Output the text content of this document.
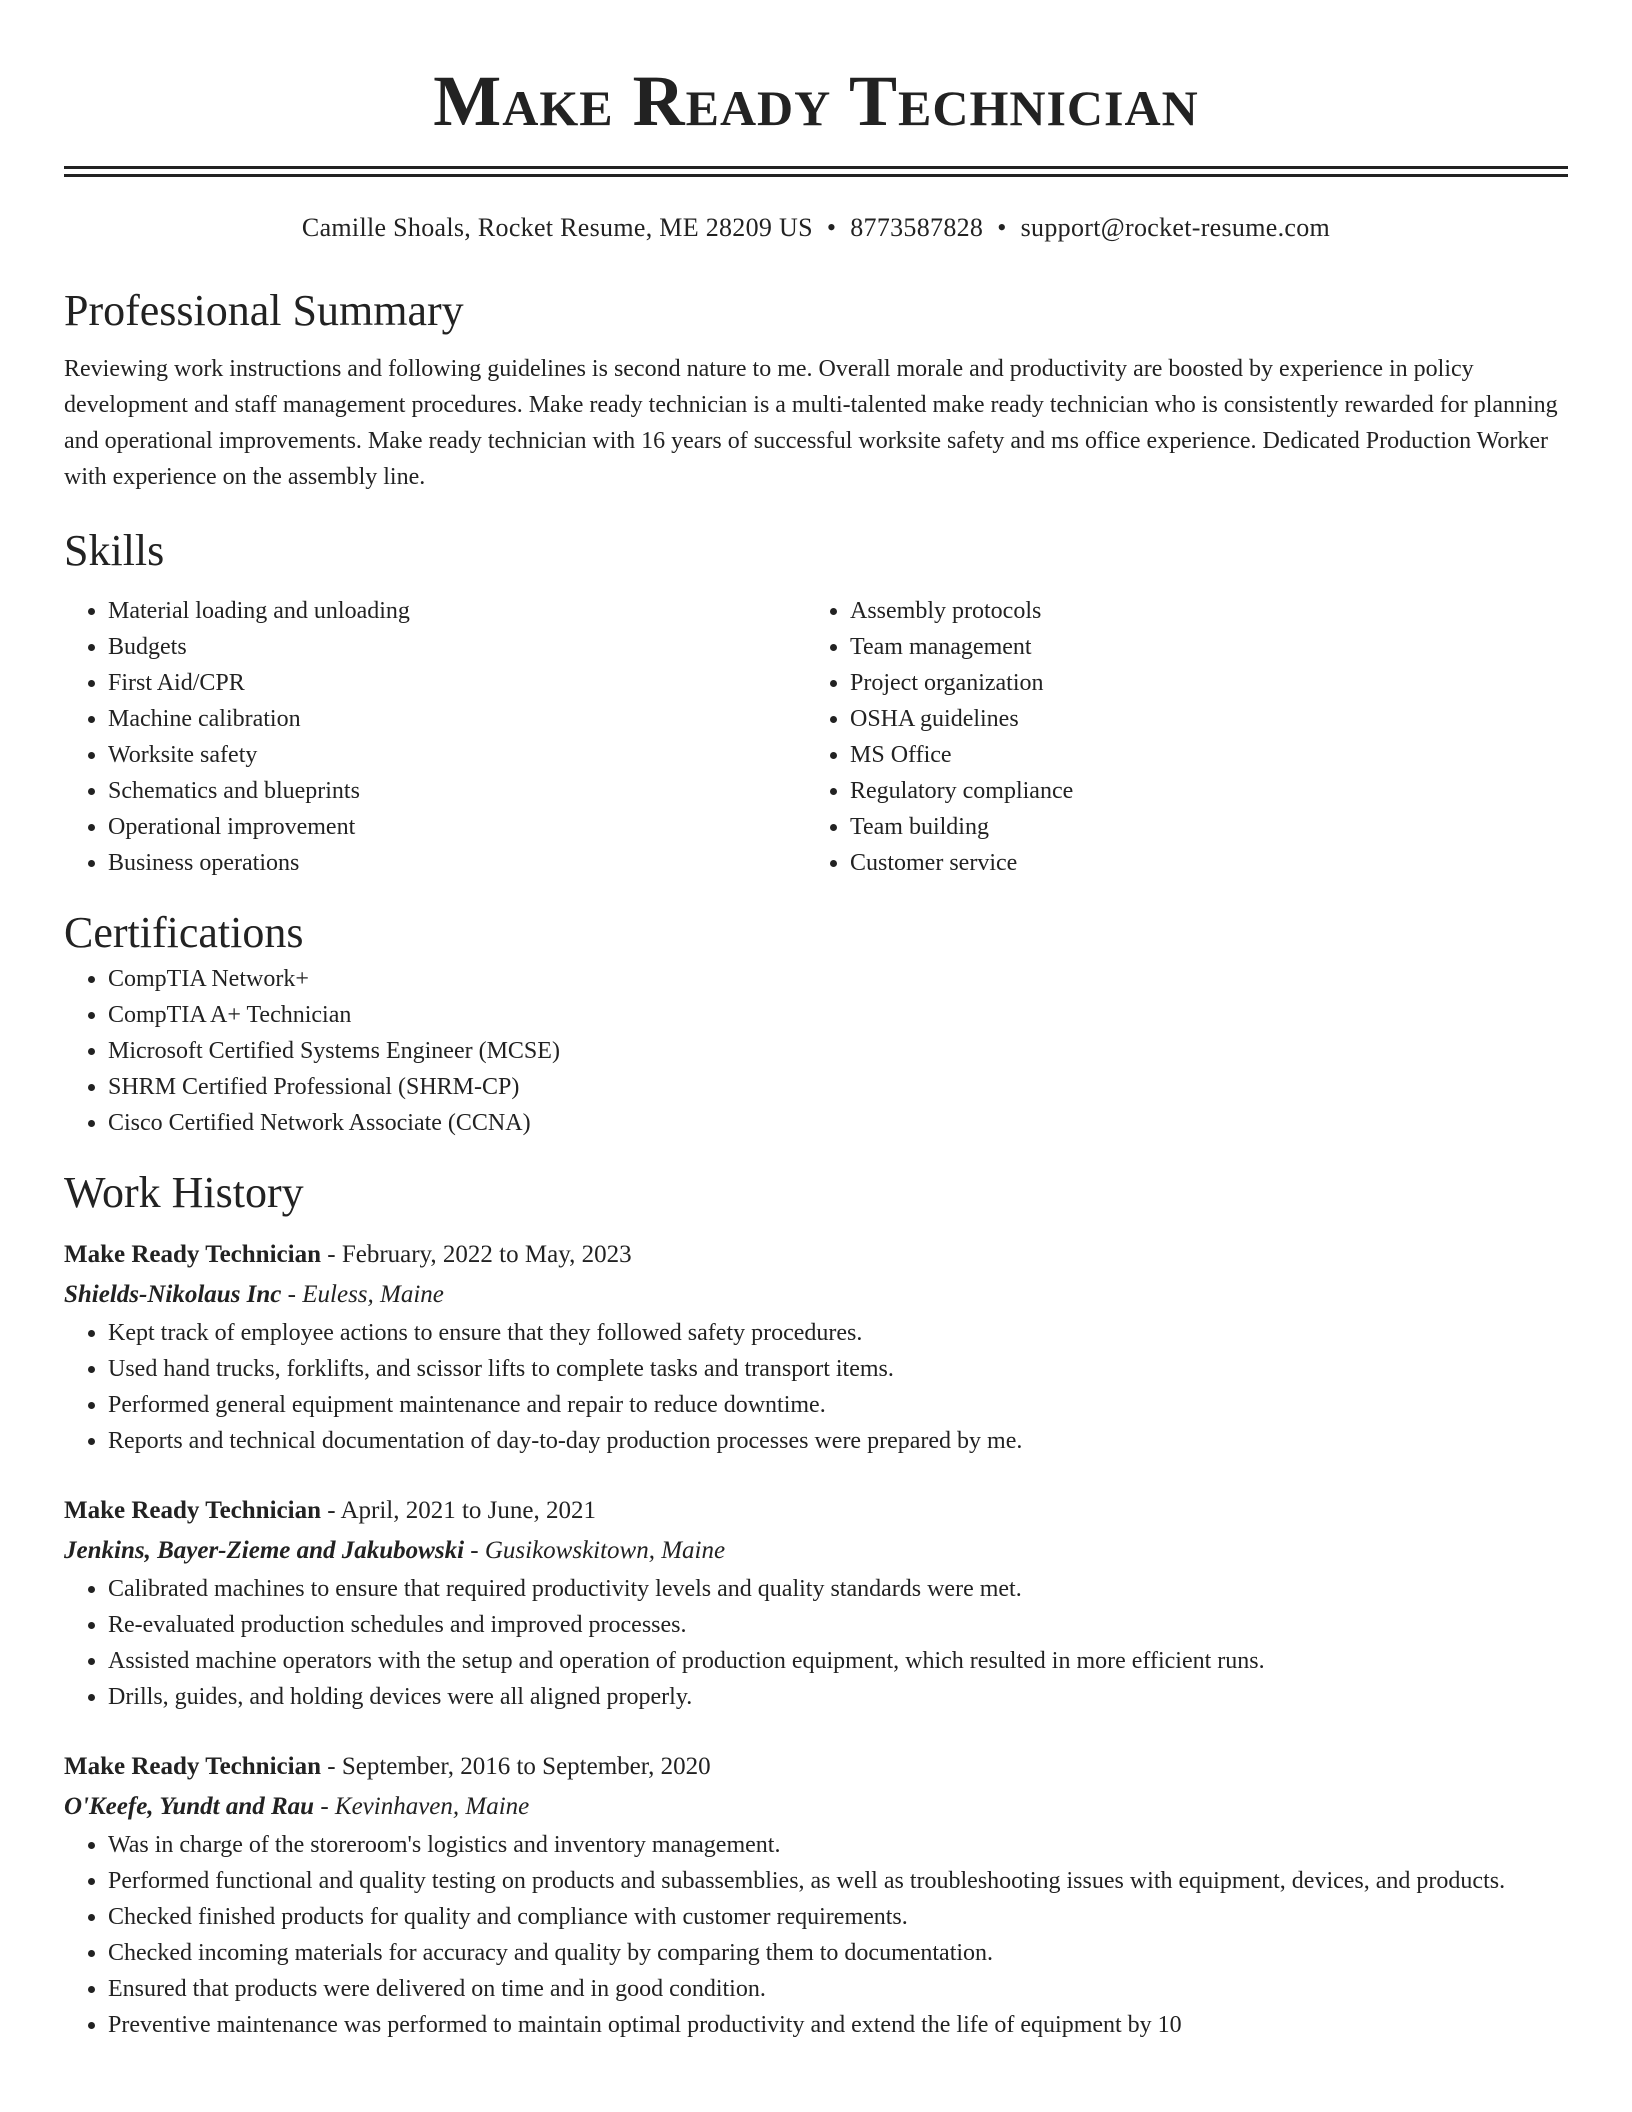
Make Ready Technician
Camille Shoals, Rocket Resume, ME 28209 US • 8773587828 • support@rocket-resume.com
Professional Summary

Reviewing work instructions and following guidelines is second nature to me. Overall morale and productivity are boosted by experience in policy development and staff management procedures. Make ready technician is a multi-talented make ready technician who is consistently rewarded for planning and operational improvements. Make ready technician with 16 years of successful worksite safety and ms office experience. Dedicated Production Worker with experience on the assembly line.

Skills
• Material loading and unloading
• Budgets
• First Aid/CPR
• Machine calibration
• Worksite safety
• Schematics and blueprints
• Operational improvement
• Business operations
• Assembly protocols
• Team management
• Project organization
• OSHA guidelines
• MS Office
• Regulatory compliance
• Team building
• Customer service
Certifications
• CompTIA Network+
• CompTIA A+ Technician
• Microsoft Certified Systems Engineer (MCSE)
• SHRM Certified Professional (SHRM-CP)
• Cisco Certified Network Associate (CCNA)
Work History
Make Ready Technician - February, 2022 to May, 2023
Shields-Nikolaus Inc - Euless, Maine
• Kept track of employee actions to ensure that they followed safety procedures.
• Used hand trucks, forklifts, and scissor lifts to complete tasks and transport items.
• Performed general equipment maintenance and repair to reduce downtime.
• Reports and technical documentation of day-to-day production processes were prepared by me.
Make Ready Technician - April, 2021 to June, 2021
Jenkins, Bayer-Zieme and Jakubowski - Gusikowskitown, Maine
• Calibrated machines to ensure that required productivity levels and quality standards were met.
• Re-evaluated production schedules and improved processes.
• Assisted machine operators with the setup and operation of production equipment, which resulted in more efficient runs.
• Drills, guides, and holding devices were all aligned properly.
Make Ready Technician - September, 2016 to September, 2020
O'Keefe, Yundt and Rau - Kevinhaven, Maine
• Was in charge of the storeroom's logistics and inventory management.
• Performed functional and quality testing on products and subassemblies, as well as troubleshooting issues with equipment, devices, and products.
• Checked finished products for quality and compliance with customer requirements.
• Checked incoming materials for accuracy and quality by comparing them to documentation.
• Ensured that products were delivered on time and in good condition.
• Preventive maintenance was performed to maintain optimal productivity and extend the life of equipment by 10
